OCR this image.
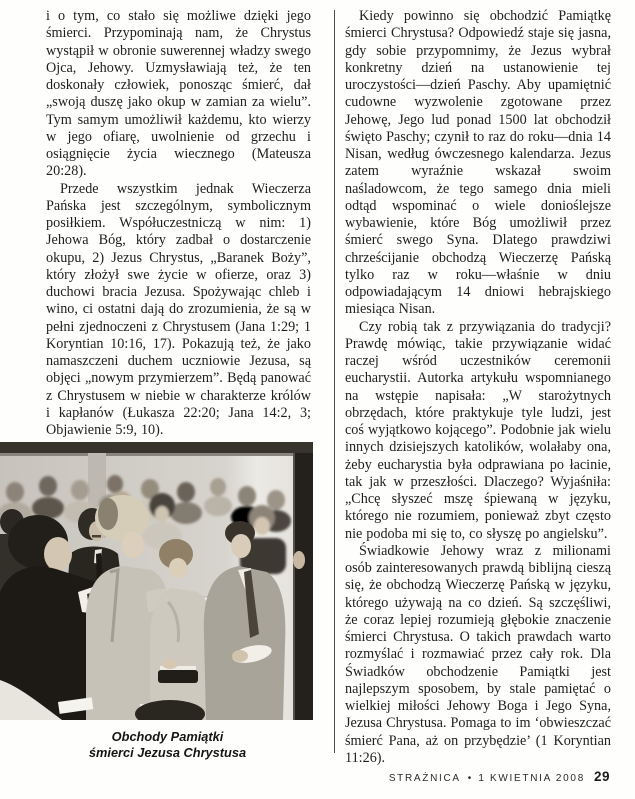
i o tym, co stało się możliwe dzięki jego śmierci. Przypominają nam, że Chrystus wystąpił w obronie suwerennej władzy swego Ojca, Jehowy. Uzmysławiają też, że ten doskonały człowiek, ponosząc śmierć, dał „swoją duszę jako okup w zamian za wielu”. Tym samym umożliwił każdemu, kto wierzy w jego ofiarę, uwolnienie od grzechu i osiągnięcie życia wiecznego (Mateusza 20:28).

Przede wszystkim jednak Wieczerza Pańska jest szczególnym, symbolicznym posiłkiem. Współuczestniczą w nim: 1) Jehowa Bóg, który zadbał o dostarczenie okupu, 2) Jezus Chrystus, „Baranek Boży”, który złożył swe życie w ofierze, oraz 3) duchowi bracia Jezusa. Spożywając chleb i wino, ci ostatni dają do zrozumienia, że są w pełni zjednoczeni z Chrystusem (Jana 1:29; 1 Koryntian 10:16, 17). Pokazują też, że jako namaszczeni duchem uczniowie Jezusa, są objęci „nowym przymierzem”. Będą panować z Chrystusem w niebie w charakterze królów i kapłanów (Łukasza 22:20; Jana 14:2, 3; Objawienie 5:9, 10).

Kiedy powinno się obchodzić Pamiątkę śmierci Chrystusa? Odpowiedź staje się jasna, gdy sobie przypomnimy, że Jezus wybrał konkretny dzień na ustanowienie tej uroczystości—dzień Paschy. Aby upamiętnić cudowne wyzwolenie zgotowane przez Jehowę, Jego lud ponad 1500 lat obchodził święto Paschy; czynił to raz do roku—dnia 14 Nisan, według ówczesnego kalendarza. Jezus zatem wyraźnie wskazał swoim naśladowcom, że tego samego dnia mieli odtąd wspominać o wiele donioślejsze wybawienie, które Bóg umożliwił przez śmierć swego Syna. Dlatego prawdziwi chrześcijanie obchodzą Wieczerzę Pańską tylko raz w roku—właśnie w dniu odpowiadającym 14 dniowi hebrajskiego miesiąca Nisan.

Czy robią tak z przywiązania do tradycji? Prawdę mówiąc, takie przywiązanie widać raczej wśród uczestników ceremonii eucharystii. Autorka artykułu wspomnianego na wstępie napisała: „W starożytnych obrzędach, które praktykuje tyle ludzi, jest coś wyjątkowo kojącego”. Podobnie jak wielu innych dzisiejszych katolików, wolałaby ona, żeby eucharystia była odprawiana po łacinie, tak jak w przeszłości. Dlaczego? Wyjaśniła: „Chcę słyszeć mszę śpiewaną w języku, którego nie rozumiem, ponieważ zbyt często nie podoba mi się to, co słyszę po angielsku”.

Świadkowie Jehowy wraz z milionami osób zainteresowanych prawdą biblijną cieszą się, że obchodzą Wieczerzę Pańską w języku, którego używają na co dzień. Są szczęśliwi, że coraz lepiej rozumieją głębokie znaczenie śmierci Chrystusa. O takich prawdach warto rozmyślać i rozmawiać przez cały rok. Dla Świadków obchodzenie Pamiątki jest najlepszym sposobem, by stale pamiętać o wielkiej miłości Jehowy Boga i Jego Syna, Jezusa Chrystusa. Pomaga to im ‘obwieszczać śmierć Pana, aż on przybędzie’ (1 Koryntian 11:26).

Obchody Pamiątki
śmierci Jezusa Chrystusa
STRAŻNICA • 1 KWIETNIA 2008 29
